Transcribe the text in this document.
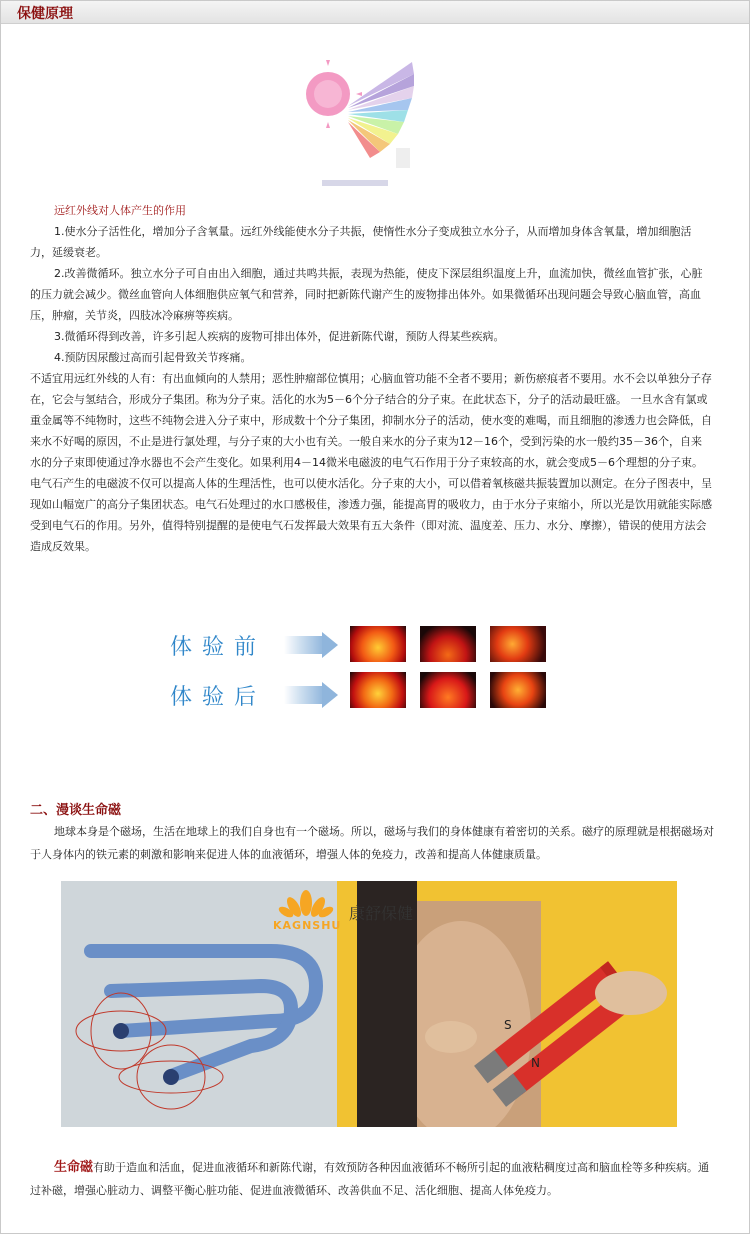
保健原理

远红外线对人体产生的作用

1.使水分子活性化，增加分子含氧量。远红外线能使水分子共振，使惰性水分子变成独立水分子，从而增加身体含氧量，增加细胞活力，延缓衰老。

2.改善微循环。独立水分子可自由出入细胞，通过共鸣共振，表现为热能，使皮下深层组织温度上升，血流加快，微丝血管扩张，心脏的压力就会减少。微丝血管向人体细胞供应氧气和营养，同时把新陈代谢产生的废物排出体外。如果微循环出现问题会导致心脑血管，高血压，肿瘤，关节炎，四肢冰冷麻痹等疾病。

3.微循环得到改善，许多引起人疾病的废物可排出体外，促进新陈代谢，预防人得某些疾病。

4.预防因尿酸过高而引起骨致关节疼痛。

不适宜用远红外线的人有：有出血倾向的人禁用；恶性肿瘤部位慎用；心脑血管功能不全者不要用；新伤瘀痕者不要用。水不会以单独分子存在，它会与氢结合，形成分子集团。称为分子束。活化的水为5－6个分子结合的分子束。在此状态下，分子的活动最旺盛。 一旦水含有氯或重金属等不纯物时，这些不纯物会进入分子束中，形成数十个分子集团，抑制水分子的活动，使水变的难喝，而且细胞的渗透力也会降低，自来水不好喝的原因，不止是进行氯处理，与分子束的大小也有关。一般自来水的分子束为12－16个，受到污染的水一般约35－36个，自来水的分子束即使通过净水器也不会产生变化。如果利用4－14微米电磁波的电气石作用于分子束较高的水，就会变成5－6个理想的分子束。电气石产生的电磁波不仅可以提高人体的生理活性，也可以使水活化。分子束的大小，可以借着氧核磁共振装置加以测定。在分子图表中，呈现如山幅宽广的高分子集团状态。电气石处理过的水口感极佳，渗透力强，能提高胃的吸收力，由于水分子束缩小，所以光是饮用就能实际感受到电气石的作用。另外，值得特别提醒的是使电气石发挥最大效果有五大条件（即对流、温度差、压力、水分、摩擦），错误的使用方法会造成反效果。

体验前
体验后
二、漫谈生命磁

地球本身是个磁场，生活在地球上的我们自身也有一个磁场。所以，磁场与我们的身体健康有着密切的关系。磁疗的原理就是根据磁场对于人身体内的铁元素的刺激和影响来促进人体的血液循环，增强人体的免疫力，改善和提高人体健康质量。

S
N
KAGNSHU
康舒保健

生命磁有助于造血和活血，促进血液循环和新陈代谢，有效预防各种因血液循环不畅所引起的血液粘稠度过高和脑血栓等多种疾病。通过补磁，增强心脏动力、调整平衡心脏功能、促进血液微循环、改善供血不足、活化细胞、提高人体免疫力。
